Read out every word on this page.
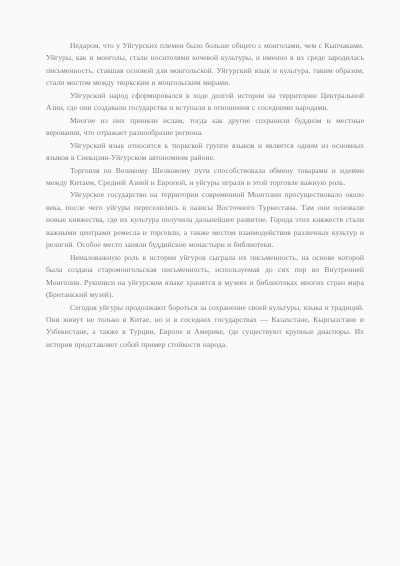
Недаром, что у Уйгурских племен было больше общего с монголами, чем с Кыпчаками. Уйгуры, как и монголы, стали носителями кочевой культуры, и именно в их среде зародилась письменность, ставшая основой для монгольской. Уйгурский язык и культура, таким образом, стали мостом между тюркским и монгольским мирами.

Уйгурский народ сформировался в ходе долгой истории на территории Центральной Азии, где они создавали государства и вступали в отношения с соседними народами.

Многие из них приняли ислам, тогда как другие сохранили буддизм и местные верования, что отражает разнообразие региона.

Уйгурский язык относится к тюркской группе языков и является одним из основных языков в Синьцзян-Уйгурском автономном районе.

Торговля по Великому Шелковому пути способствовала обмену товарами и идеями между Китаем, Средней Азией и Европой, и уйгуры играли в этой торговле важную роль.

Уйгурское государство на территории современной Монголии просуществовало около века, после чего уйгуры переселились в оазисы Восточного Туркестана. Там они основали новые княжества, где их культура получила дальнейшее развитие. Города этих княжеств стали важными центрами ремесла и торговли, а также местом взаимодействия различных культур и религий. Особое место заняли буддийские монастыри и библиотеки.

Немаловажную роль в истории уйгуров сыграла их письменность, на основе которой была создана старомонгольская письменность, используемая до сих пор во Внутренней Монголии. Рукописи на уйгурском языке хранятся в музеях и библиотеках многих стран мира (Британский музей).

Сегодня уйгуры продолжают бороться за сохранение своей культуры, языка и традиций. Они живут не только в Китае, но и в соседних государствах — Казахстане, Кыргызстане и Узбекистане, а также в Турции, Европе и Америке, где существуют крупные диаспоры. Их история представляет собой пример стойкости народа.
